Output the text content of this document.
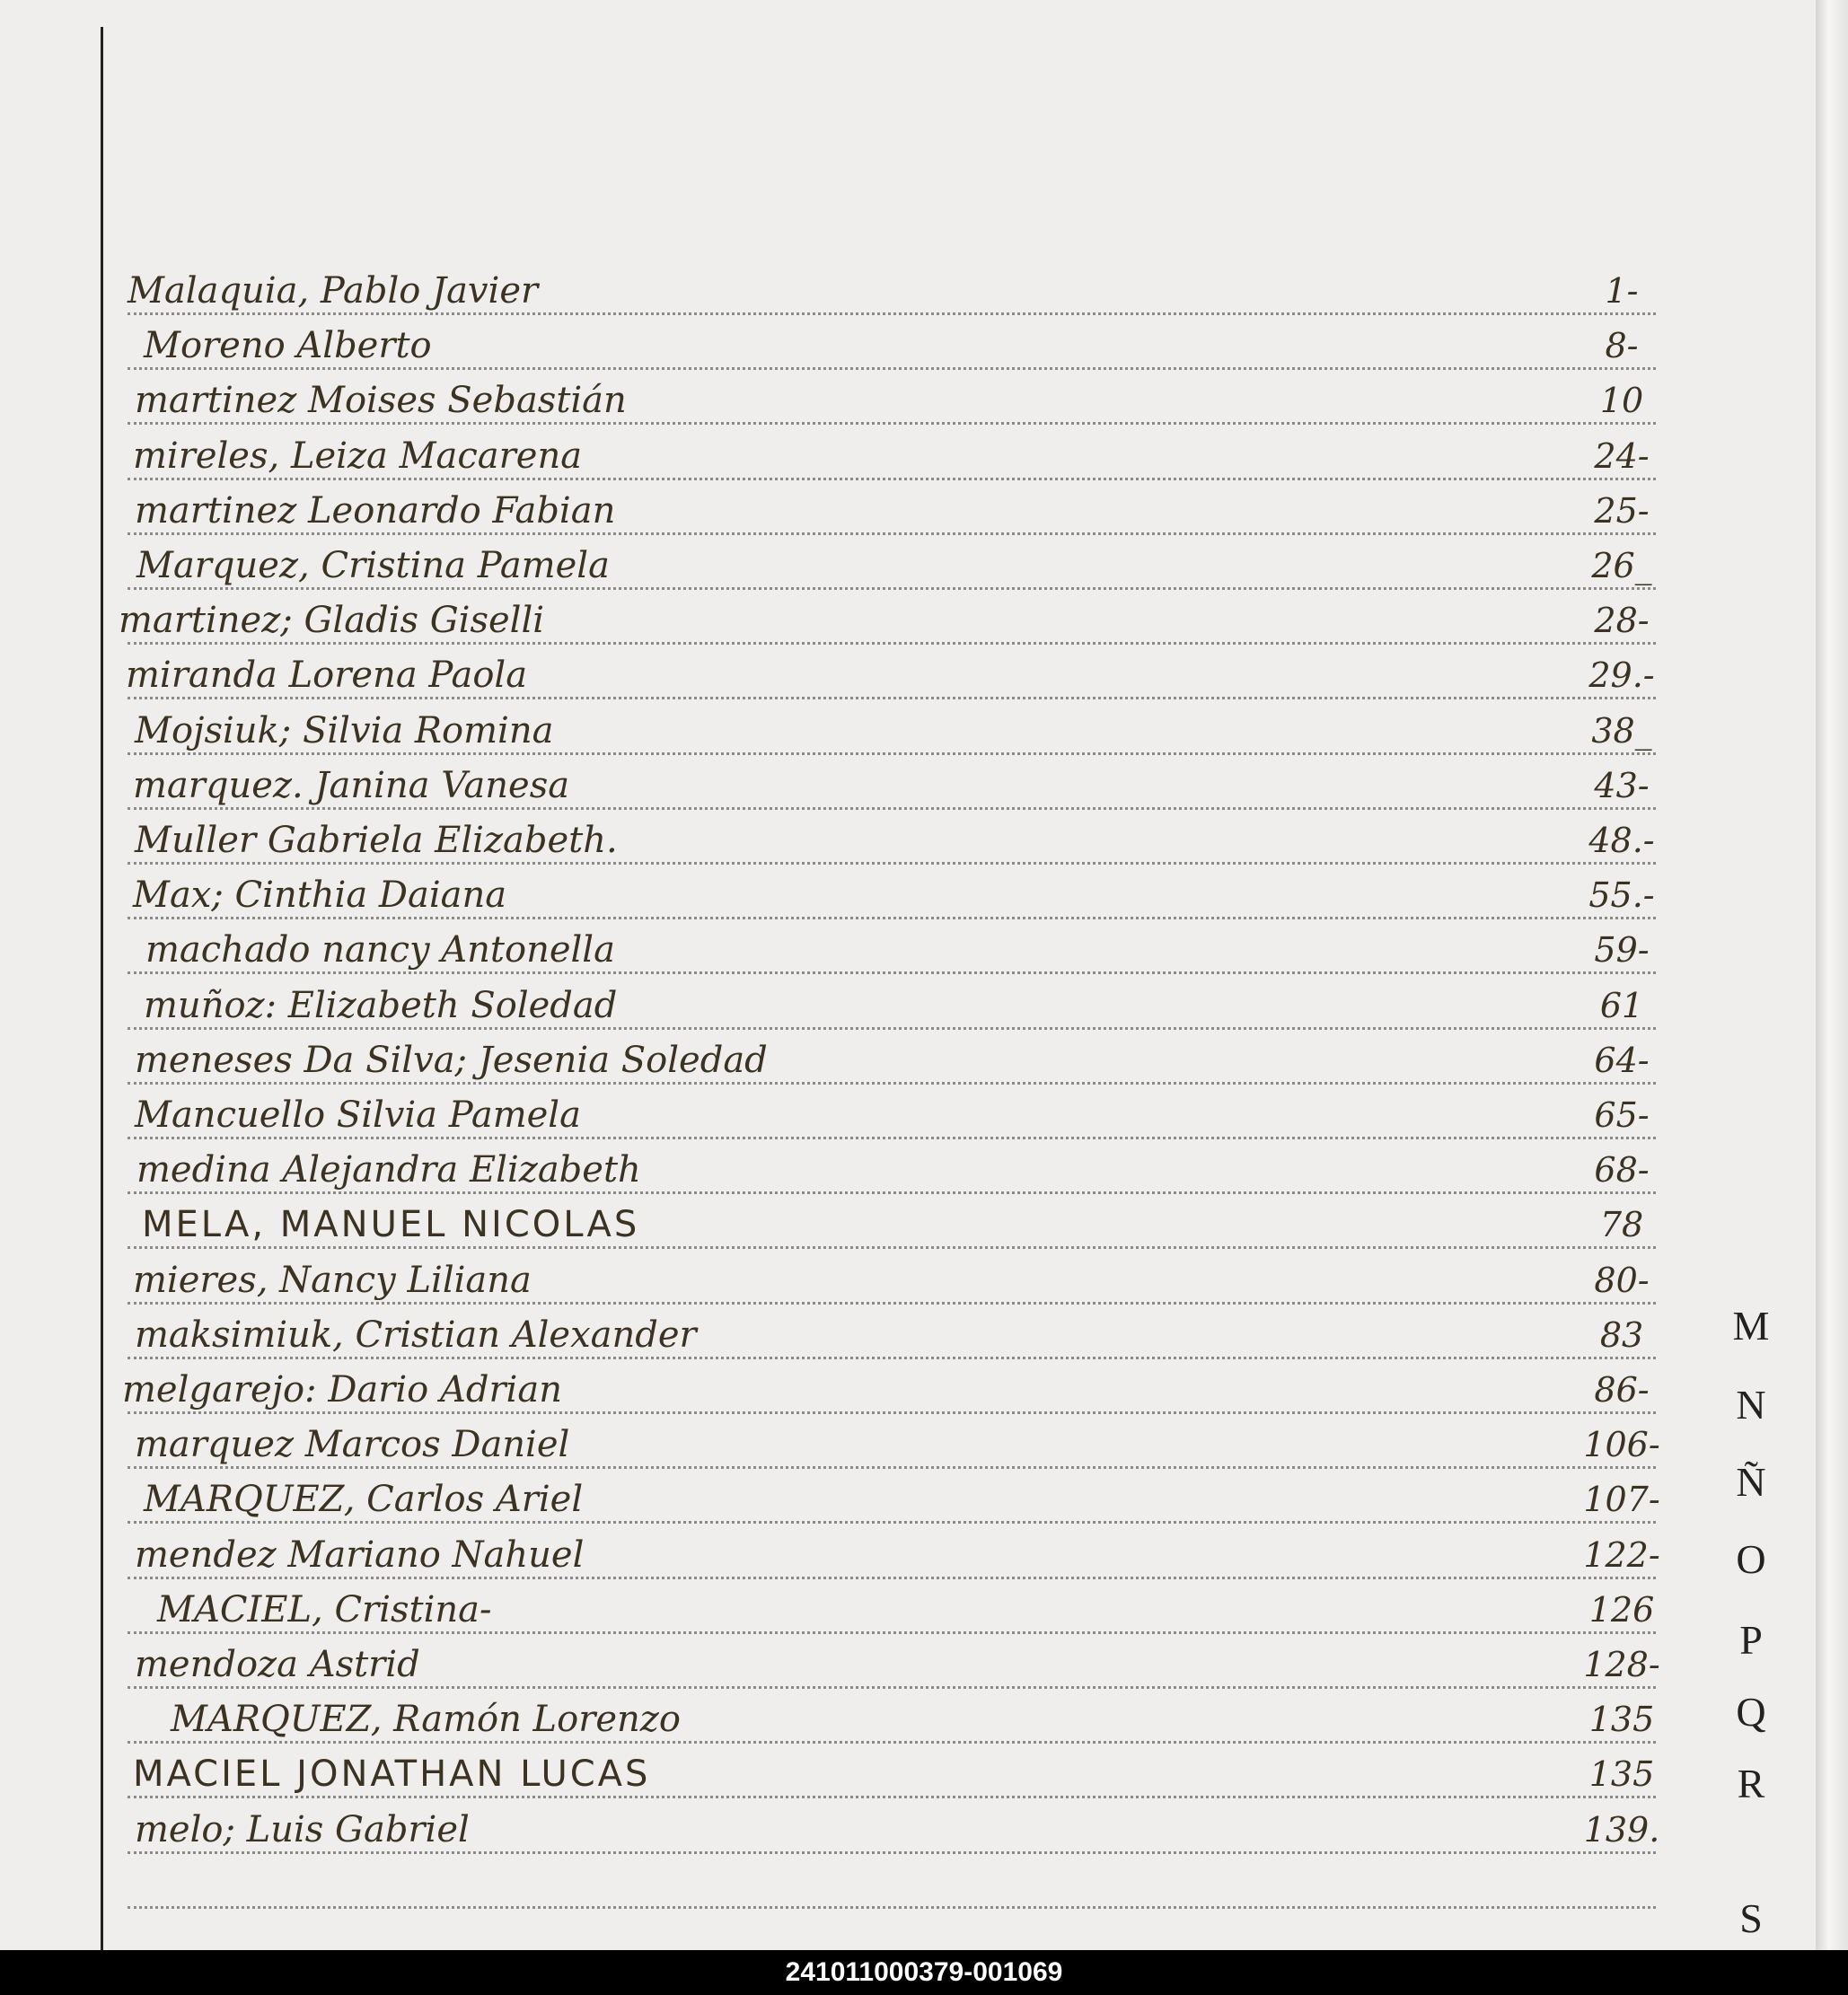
Malaquia, Pablo Javier	1-
Moreno Alberto	8-
martinez Moises Sebastián	10
mireles, Leiza Macarena	24-
martinez Leonardo Fabian	25-
Marquez, Cristina Pamela	26_
martinez; Gladis Giselli	28-
miranda Lorena Paola	29.-
Mojsiuk; Silvia Romina	38_
marquez. Janina Vanesa	43-
Muller Gabriela Elizabeth.	48.-
Max; Cinthia Daiana	55.-
machado nancy Antonella	59-
muñoz: Elizabeth Soledad	61
meneses Da Silva; Jesenia Soledad	64-
Mancuello Silvia Pamela	65-
medina Alejandra Elizabeth	68-
MELA, MANUEL NICOLAS	78
mieres, Nancy Liliana	80-
maksimiuk, Cristian Alexander	83
melgarejo: Dario Adrian	86-
marquez Marcos Daniel	106-
MARQUEZ, Carlos Ariel	107-
mendez Mariano Nahuel	122-
MACIEL, Cristina-	126
mendoza Astrid	128-
MARQUEZ, Ramón Lorenzo	135
MACIEL JONATHAN LUCAS	135
melo; Luis Gabriel	139.
M
N
Ñ
O
P
Q
R
S
241011000379-001069
